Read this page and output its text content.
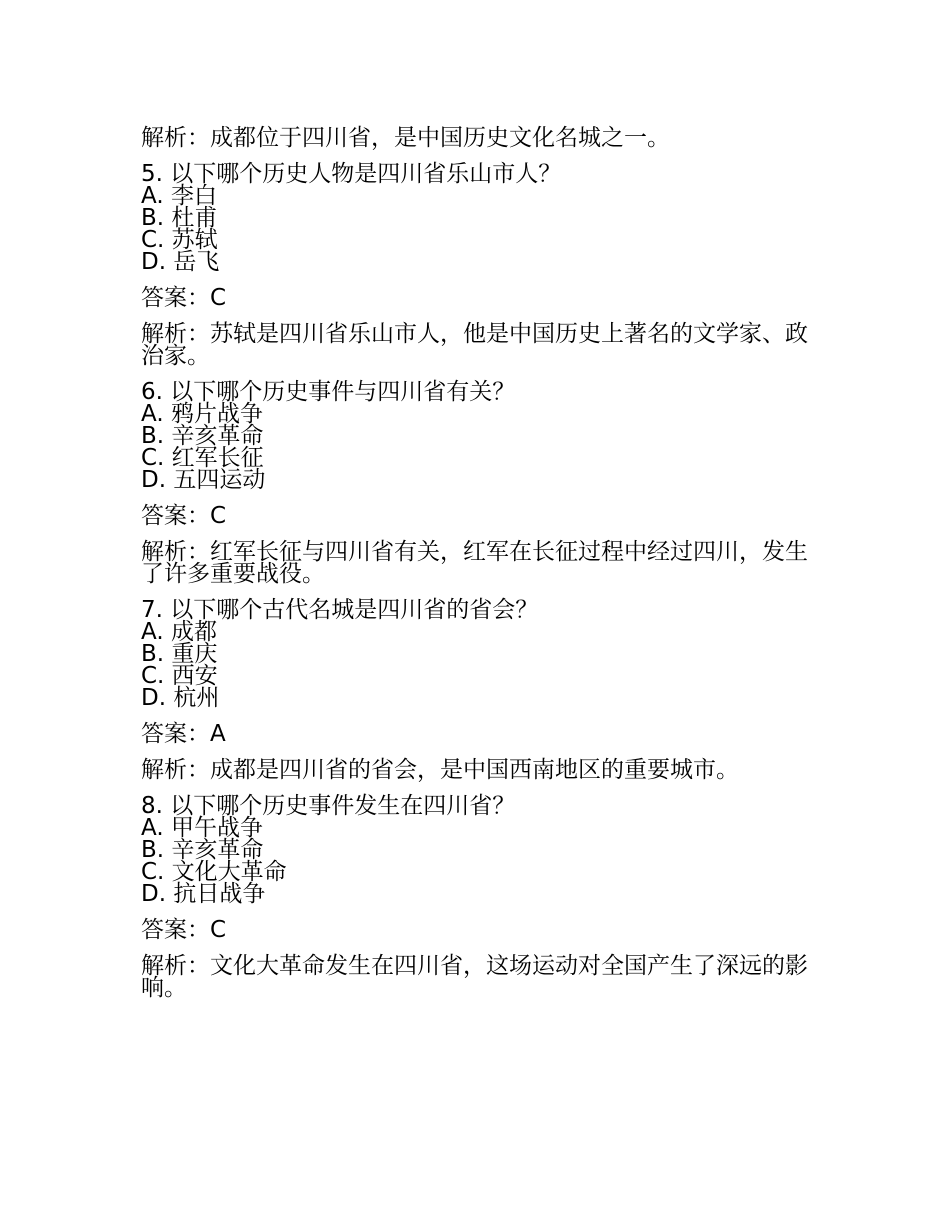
解析：成都位于四川省，是中国历史文化名城之一。

5. 以下哪个历史人物是四川省乐山市人？

A. 李白

B. 杜甫

C. 苏轼

D. 岳飞

答案：C

解析：苏轼是四川省乐山市人，他是中国历史上著名的文学家、政治家。

6. 以下哪个历史事件与四川省有关？

A. 鸦片战争

B. 辛亥革命

C. 红军长征

D. 五四运动

答案：C

解析：红军长征与四川省有关，红军在长征过程中经过四川，发生了许多重要战役。

7. 以下哪个古代名城是四川省的省会？

A. 成都

B. 重庆

C. 西安

D. 杭州

答案：A

解析：成都是四川省的省会，是中国西南地区的重要城市。

8. 以下哪个历史事件发生在四川省？

A. 甲午战争

B. 辛亥革命

C. 文化大革命

D. 抗日战争

答案：C

解析：文化大革命发生在四川省，这场运动对全国产生了深远的影响。
